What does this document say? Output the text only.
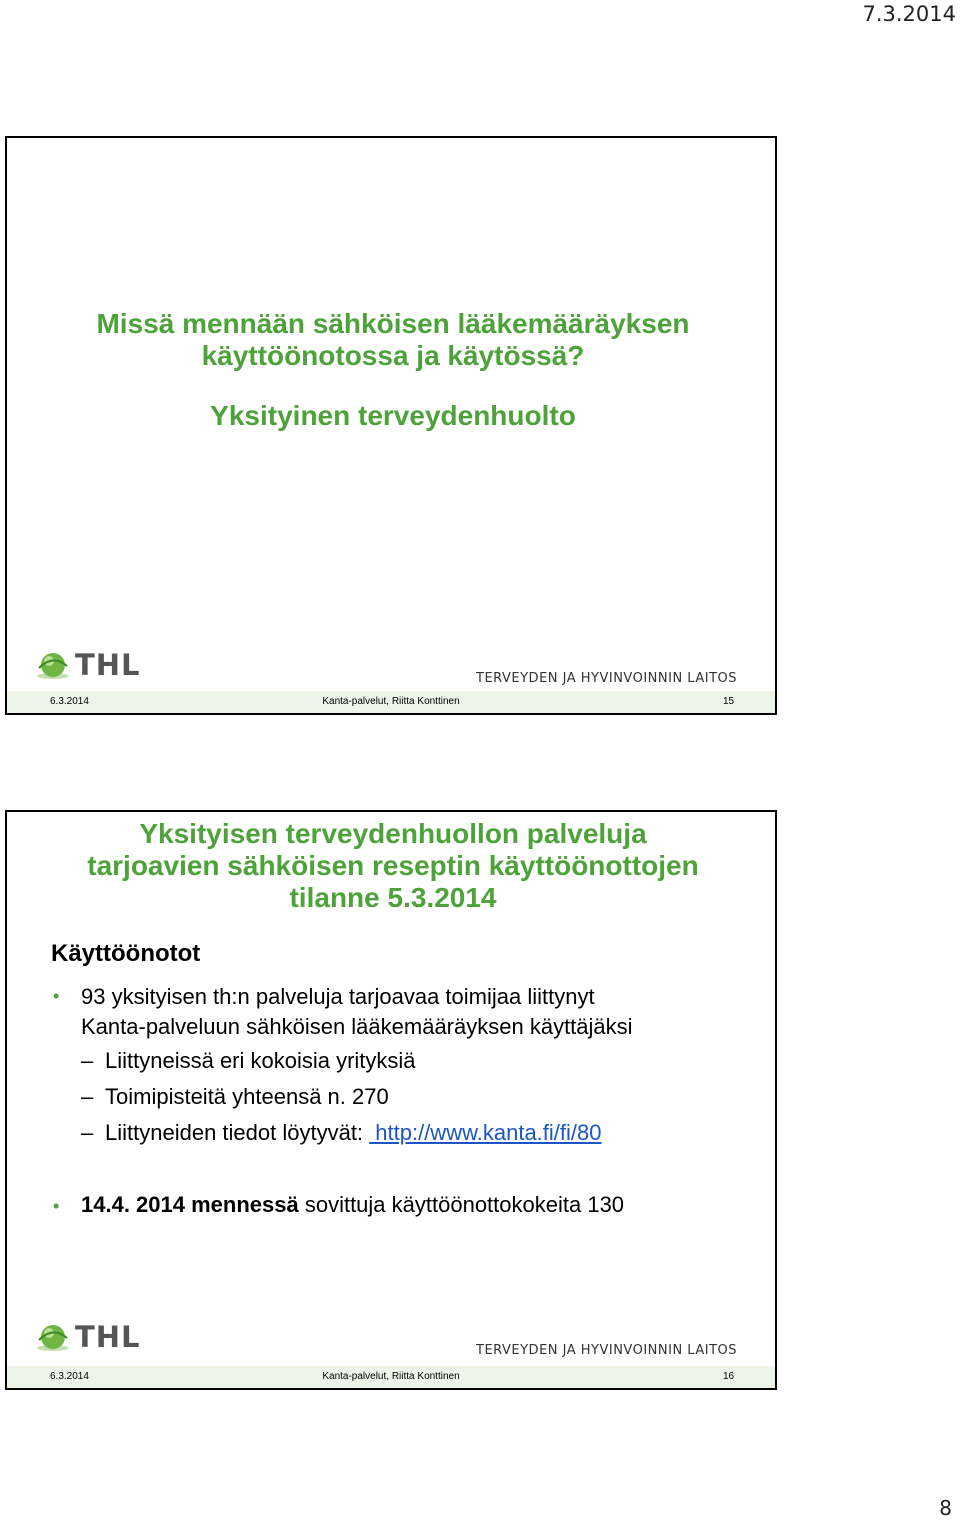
7.3.2014
Missä mennään sähköisen lääkemääräyksen
käyttöönotossa ja käytössä?
Yksityinen terveydenhuolto
THL	TERVEYDEN JA HYVINVOINNIN LAITOS
6.3.2014	Kanta-palvelut, Riitta Konttinen	15
Yksityisen terveydenhuollon palveluja
tarjoavien sähköisen reseptin käyttöönottojen
tilanne 5.3.2014
Käyttöönotot
• 93 yksityisen th:n palveluja tarjoavaa toimijaa liittynyt
Kanta-palveluun sähköisen lääkemääräyksen käyttäjäksi
– Liittyneissä eri kokoisia yrityksiä
– Toimipisteitä yhteensä n. 270
– Liittyneiden tiedot löytyvät:  http://www.kanta.fi/fi/80
• 14.4. 2014 mennessä sovittuja käyttöönottokokeita 130
THL	TERVEYDEN JA HYVINVOINNIN LAITOS
6.3.2014	Kanta-palvelut, Riitta Konttinen	16
8
